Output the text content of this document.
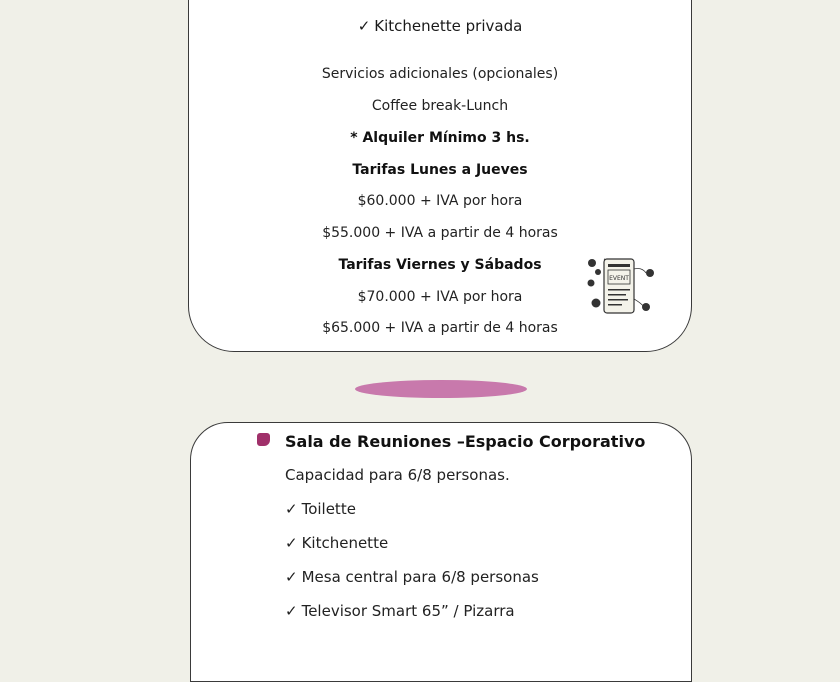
✓ Kitchenette privada
Servicios adicionales (opcionales)
Coffee break-Lunch
* Alquiler Mínimo 3 hs.
Tarifas Lunes a Jueves
$60.000 + IVA por hora
$55.000 + IVA a partir de 4 horas
Tarifas Viernes y Sábados
$70.000 + IVA por hora
$65.000 + IVA a partir de 4 horas
EVENT
Sala de Reuniones –Espacio Corporativo
Capacidad para 6/8 personas.
✓ Toilette
✓ Kitchenette
✓ Mesa central para 6/8 personas
✓ Televisor Smart 65” / Pizarra
